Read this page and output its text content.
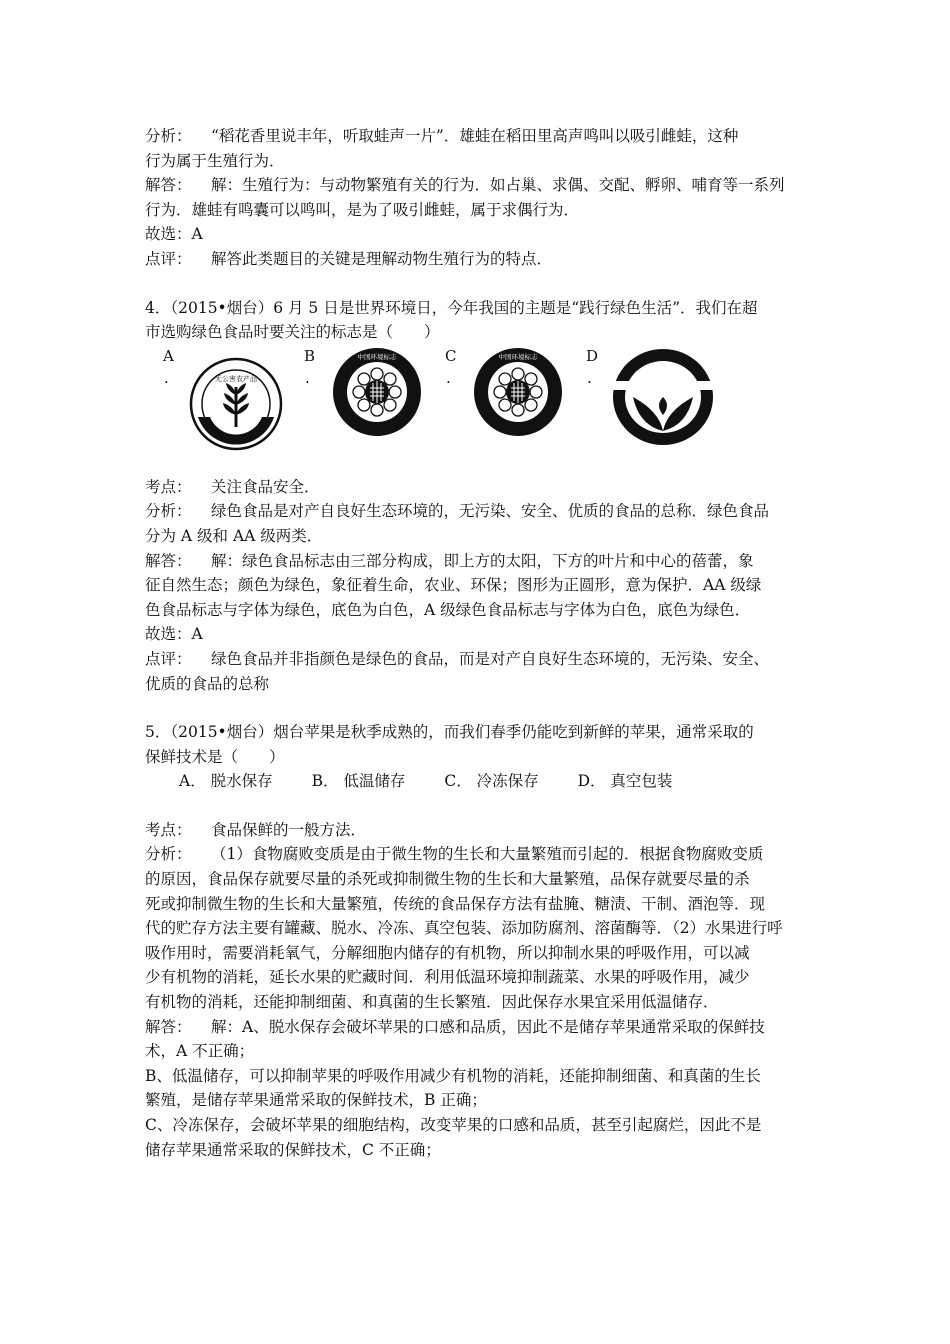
分析： “稻花香里说丰年，听取蛙声一片”．雄蛙在稻田里高声鸣叫以吸引雌蛙，这种
行为属于生殖行为．
解答： 解：生殖行为：与动物繁殖有关的行为．如占巢、求偶、交配、孵卵、哺育等一系列
行为．雄蛙有鸣囊可以鸣叫，是为了吸引雌蛙，属于求偶行为．
故选：A
点评： 解答此类题目的关键是理解动物生殖行为的特点．
4．（2015•烟台）6 月 5 日是世界环境日，今年我国的主题是“践行绿色生活”．我们在超
市选购绿色食品时要关注的标志是（　　）
A
.	无公害农产品
B
.
中国环境标志	C
.
中国环境标志	D
.
考点： 关注食品安全．
分析： 绿色食品是对产自良好生态环境的，无污染、安全、优质的食品的总称．绿色食品
分为 A 级和 AA 级两类．
解答： 解：绿色食品标志由三部分构成，即上方的太阳，下方的叶片和中心的蓓蕾，象
征自然生态；颜色为绿色，象征着生命，农业、环保；图形为正圆形，意为保护．AA 级绿
色食品标志与字体为绿色，底色为白色，A 级绿色食品标志与字体为白色，底色为绿色．
故选：A
点评： 绿色食品并非指颜色是绿色的食品，而是对产自良好生态环境的，无污染、安全、
优质的食品的总称
5．（2015•烟台）烟台苹果是秋季成熟的，而我们春季仍能吃到新鲜的苹果，通常采取的
保鲜技术是（　　）
A． 脱水保存	B． 低温储存	C． 冷冻保存	D． 真空包装
考点： 食品保鲜的一般方法．
分析： （1）食物腐败变质是由于微生物的生长和大量繁殖而引起的．根据食物腐败变质
的原因，食品保存就要尽量的杀死或抑制微生物的生长和大量繁殖，品保存就要尽量的杀
死或抑制微生物的生长和大量繁殖，传统的食品保存方法有盐腌、糖渍、干制、酒泡等．现
代的贮存方法主要有罐藏、脱水、冷冻、真空包装、添加防腐剂、溶菌酶等．（2）水果进行呼
吸作用时，需要消耗氧气，分解细胞内储存的有机物，所以抑制水果的呼吸作用，可以减
少有机物的消耗，延长水果的贮藏时间．利用低温环境抑制蔬菜、水果的呼吸作用，减少
有机物的消耗，还能抑制细菌、和真菌的生长繁殖．因此保存水果宜采用低温储存．
解答： 解：A、脱水保存会破坏苹果的口感和品质，因此不是储存苹果通常采取的保鲜技
术，A 不正确；
B、低温储存，可以抑制苹果的呼吸作用减少有机物的消耗，还能抑制细菌、和真菌的生长
繁殖，是储存苹果通常采取的保鲜技术，B 正确；
C、冷冻保存，会破坏苹果的细胞结构，改变苹果的口感和品质，甚至引起腐烂，因此不是
储存苹果通常采取的保鲜技术，C 不正确；
